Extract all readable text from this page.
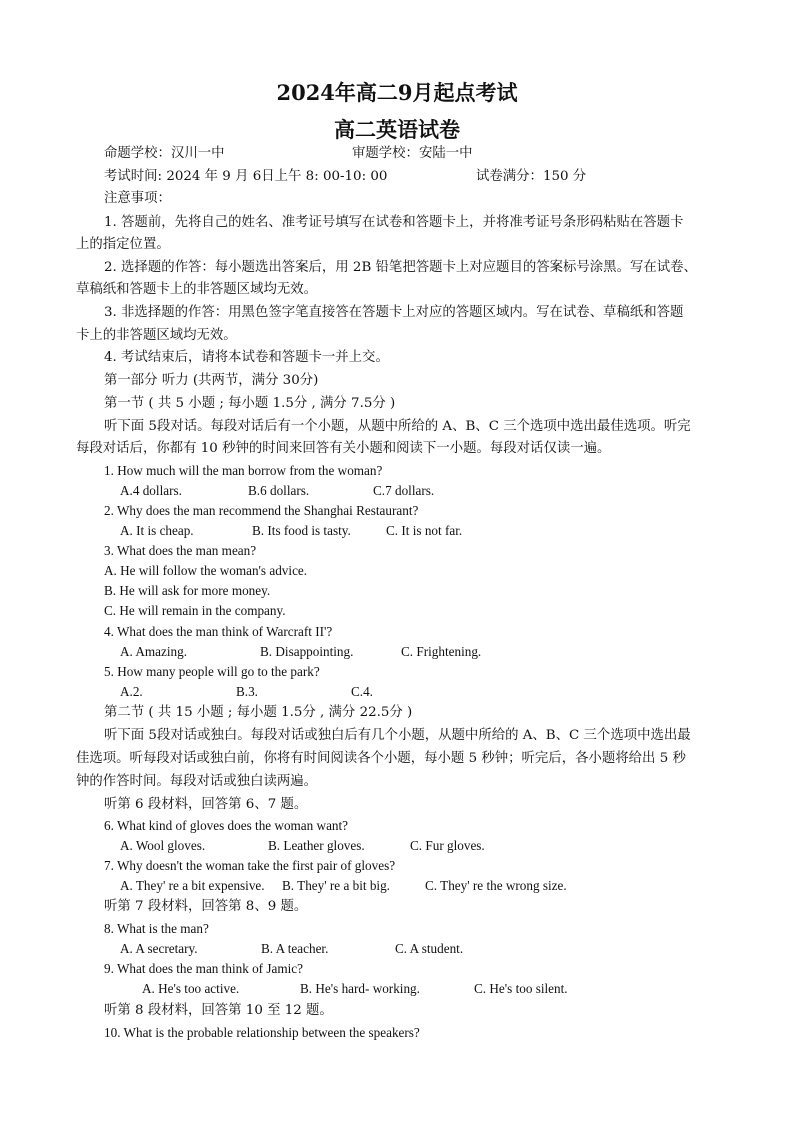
2024年高二9月起点考试
高二英语试卷
命题学校：汉川一中	审题学校：安陆一中
考试时间: 2024 年 9 月 6日上午 8: 00-10: 00	试卷满分：150 分
注意事项：
1. 答题前，先将自己的姓名、准考证号填写在试卷和答题卡上，并将准考证号条形码粘贴在答题卡
上的指定位置。
2. 选择题的作答：每小题选出答案后，用 2B 铅笔把答题卡上对应题目的答案标号涂黑。写在试卷、
草稿纸和答题卡上的非答题区域均无效。
3. 非选择题的作答：用黑色签字笔直接答在答题卡上对应的答题区域内。写在试卷、草稿纸和答题
卡上的非答题区域均无效。
4. 考试结束后，请将本试卷和答题卡一并上交。
第一部分 听力 (共两节，满分 30分)
第一节 ( 共 5 小题 ; 每小题 1.5分 , 满分 7.5分 )
听下面 5段对话。每段对话后有一个小题，从题中所给的 A、B、C 三个选项中选出最佳选项。听完
每段对话后，你都有 10 秒钟的时间来回答有关小题和阅读下一小题。每段对话仅读一遍。
1. How much will the man borrow from the woman?
A.4 dollars.	B.6 dollars.	C.7 dollars.
2. Why does the man recommend the Shanghai Restaurant?
A. It is cheap.	B. Its food is tasty.	C. It is not far.
3. What does the man mean?
A. He will follow the woman's advice.
B. He will ask for more money.
C. He will remain in the company.
4. What does the man think of Warcraft II'?
A. Amazing.	B. Disappointing.	C. Frightening.
5. How many people will go to the park?
A.2.	B.3.	C.4.
第二节 ( 共 15 小题 ; 每小题 1.5分 , 满分 22.5分 )
听下面 5段对话或独白。每段对话或独白后有几个小题，从题中所给的 A、B、C 三个选项中选出最
佳选项。听每段对话或独白前，你将有时间阅读各个小题，每小题 5 秒钟；听完后，各小题将给出 5 秒
钟的作答时间。每段对话或独白读两遍。
听第 6 段材料，回答第 6、7 题。
6. What kind of gloves does the woman want?
A. Wool gloves.	B. Leather gloves.	C. Fur gloves.
7. Why doesn't the woman take the first pair of gloves?
A. They' re a bit expensive. B. They' re a bit big.	C. They' re the wrong size.
听第 7 段材料，回答第 8、9 题。
8. What is the man?
A. A secretary.	B. A teacher.	C. A student.
9. What does the man think of Jamic?
A. He's too active.	B. He's hard- working.	C. He's too silent.
听第 8 段材料，回答第 10 至 12 题。
10. What is the probable relationship between the speakers?
